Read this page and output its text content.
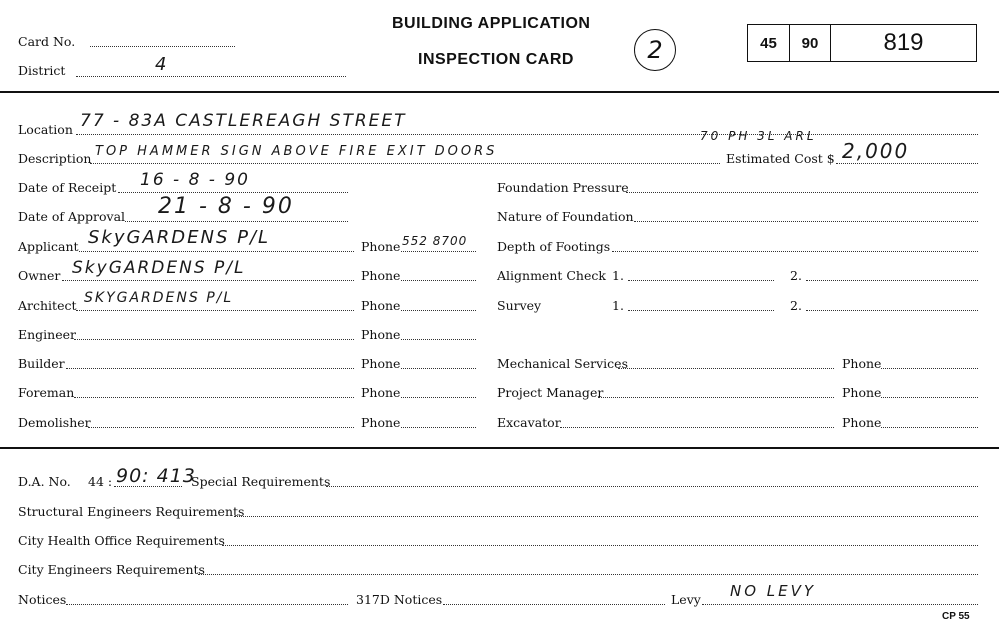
Card No.
District	4
BUILDING APPLICATION
INSPECTION CARD	2	45 90	819
Location 77 - 83A CASTLEREAGH STREET
Description TOP HAMMER SIGN ABOVE FIRE EXIT DOORS
70 PH 3L ARL
Estimated Cost $ 2,000
Date of Receipt 16 - 8 - 90
Date of Approval 21 - 8 - 90
Applicant SkyGARDENS P/L	Phone 552 8700
Owner SkyGARDENS P/L	Phone
Architect SKYGARDENS P/L	Phone
Engineer	Phone
Builder	Phone
Foreman	Phone
Demolisher	Phone
Foundation Pressure
Nature of Foundation
Depth of Footings
Alignment Check 1.	2.
Survey	1.	2.
Mechanical Services	Phone
Project Manager	Phone
Excavator	Phone
D.A. No. 44 : 90: 413
Special Requirements
Structural Engineers Requirements
City Health Office Requirements
City Engineers Requirements
Notices	317D Notices	Levy NO LEVY
CP 55
